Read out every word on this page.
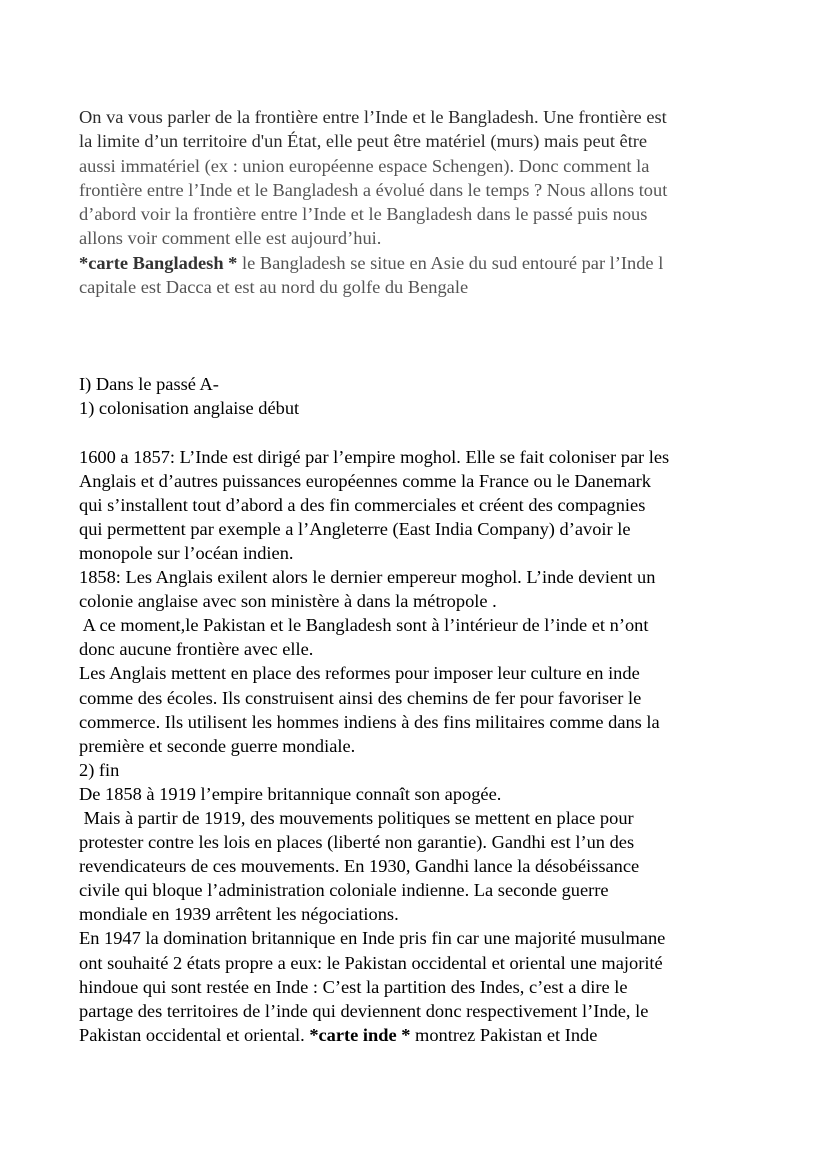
On va vous parler de la frontière entre l’Inde et le Bangladesh. Une frontière est
la limite d’un territoire d'un État, elle peut être matériel (murs) mais peut être
aussi immatériel (ex : union européenne espace Schengen). Donc comment la
frontière entre l’Inde et le Bangladesh a évolué dans le temps ? Nous allons tout
d’abord voir la frontière entre l’Inde et le Bangladesh dans le passé puis nous
allons voir comment elle est aujourd’hui.
*carte Bangladesh * le Bangladesh se situe en Asie du sud entouré par l’Inde l
capitale est Dacca et est au nord du golfe du Bengale
I) Dans le passé A-
1) colonisation anglaise début
1600 a 1857: L’Inde est dirigé par l’empire moghol. Elle se fait coloniser par les
Anglais et d’autres puissances européennes comme la France ou le Danemark
qui s’installent tout d’abord a des fin commerciales et créent des compagnies
qui permettent par exemple a l’Angleterre (East India Company) d’avoir le
monopole sur l’océan indien.
1858: Les Anglais exilent alors le dernier empereur moghol. L’inde devient un
colonie anglaise avec son ministère à dans la métropole .
A ce moment,le Pakistan et le Bangladesh sont à l’intérieur de l’inde et n’ont
donc aucune frontière avec elle.
Les Anglais mettent en place des reformes pour imposer leur culture en inde
comme des écoles. Ils construisent ainsi des chemins de fer pour favoriser le
commerce. Ils utilisent les hommes indiens à des fins militaires comme dans la
première et seconde guerre mondiale.
2) fin
De 1858 à 1919 l’empire britannique connaît son apogée.
Mais à partir de 1919, des mouvements politiques se mettent en place pour
protester contre les lois en places (liberté non garantie). Gandhi est l’un des
revendicateurs de ces mouvements. En 1930, Gandhi lance la désobéissance
civile qui bloque l’administration coloniale indienne. La seconde guerre
mondiale en 1939 arrêtent les négociations.
En 1947 la domination britannique en Inde pris fin car une majorité musulmane
ont souhaité 2 états propre a eux: le Pakistan occidental et oriental une majorité
hindoue qui sont restée en Inde : C’est la partition des Indes, c’est a dire le
partage des territoires de l’inde qui deviennent donc respectivement l’Inde, le
Pakistan occidental et oriental. *carte inde * montrez Pakistan et Inde
